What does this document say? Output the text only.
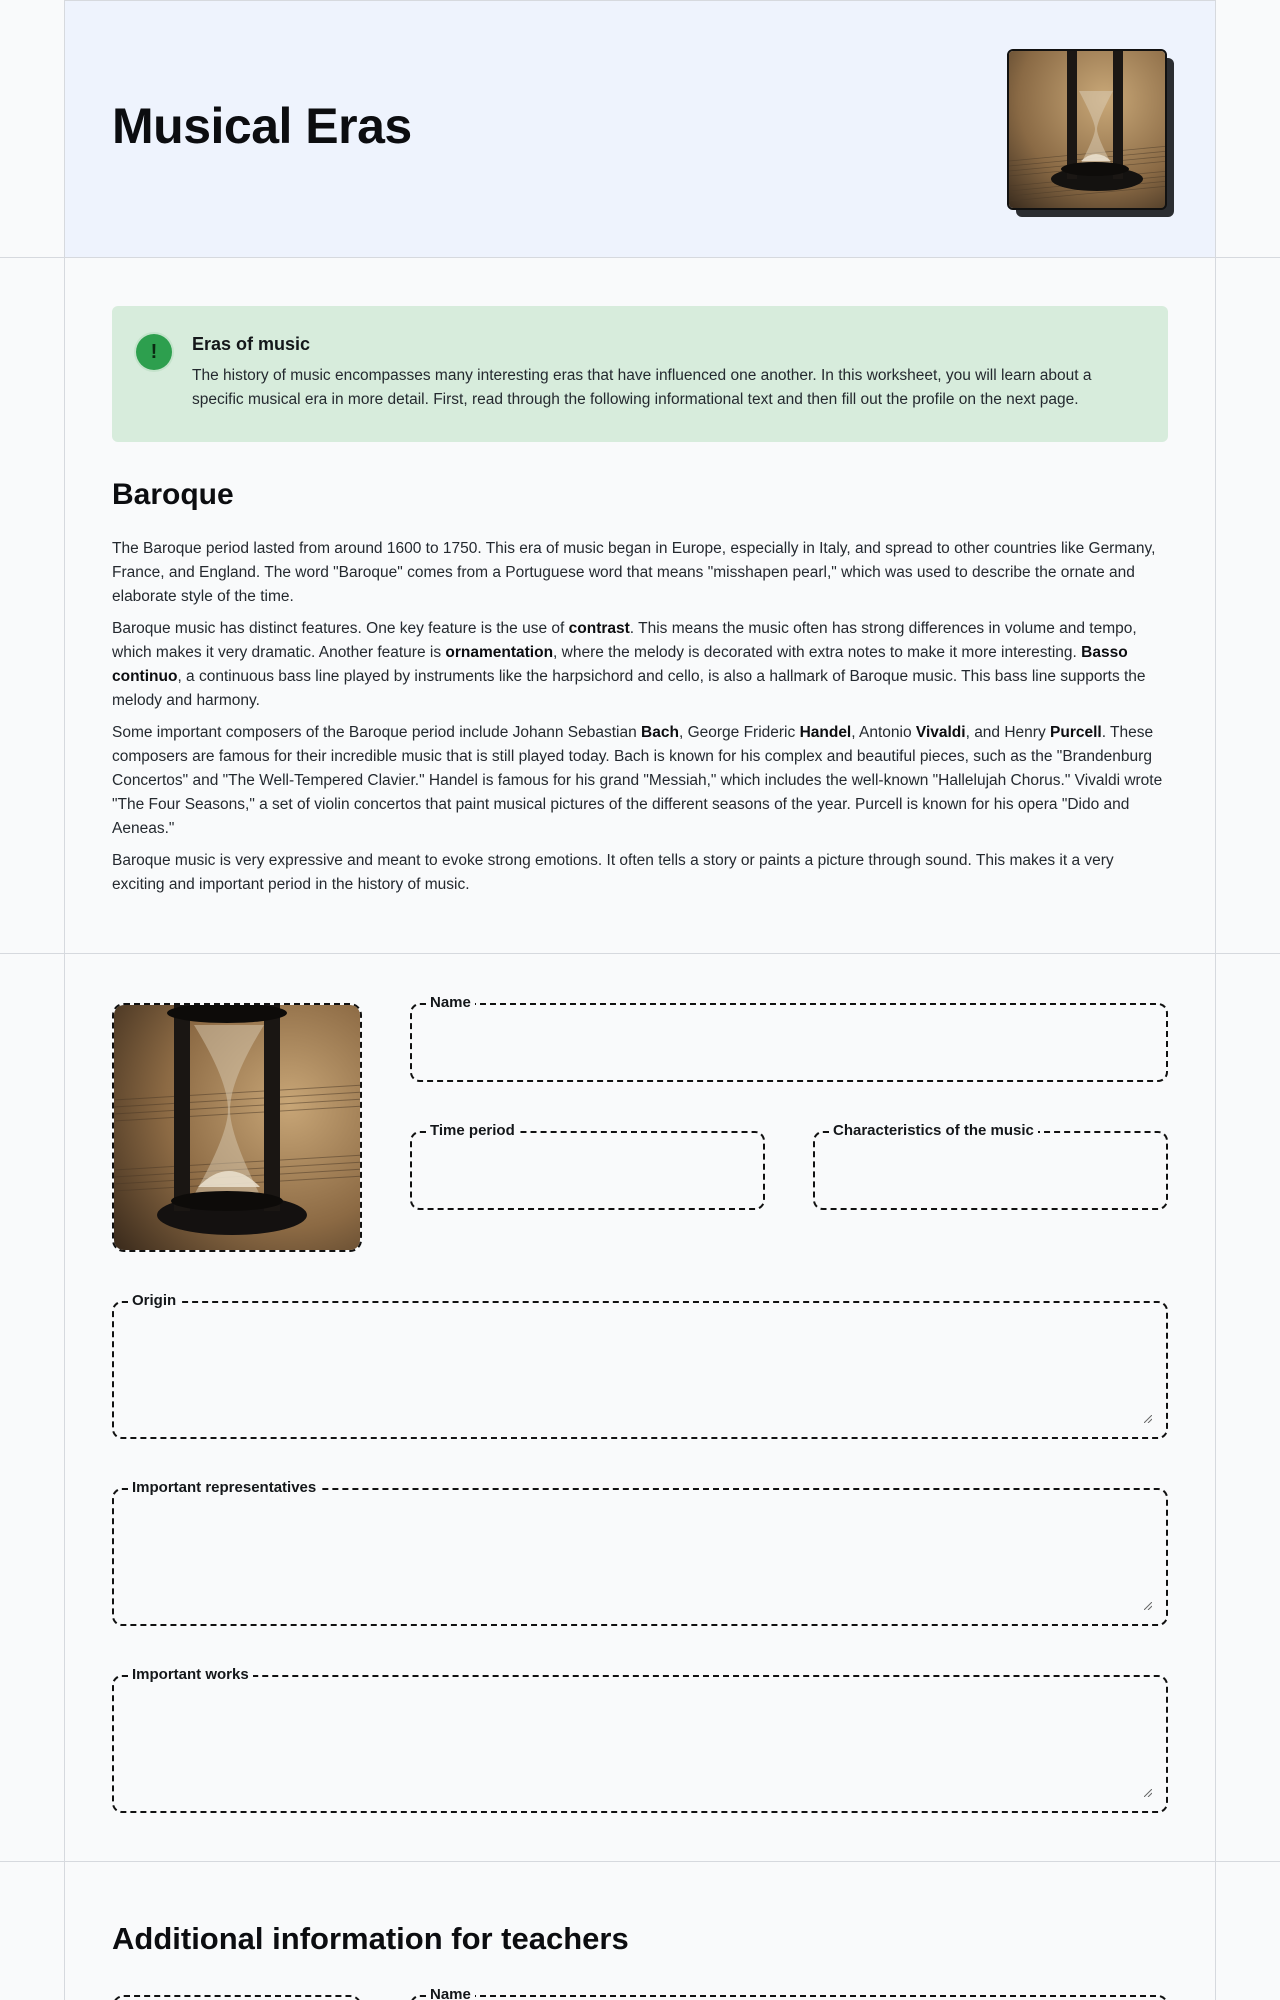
Musical Eras
!	Eras of music
The history of music encompasses many interesting eras that have influenced one another. In this worksheet, you will learn about a specific musical era in more detail. First, read through the following informational text and then fill out the profile on the next page.
Baroque

The Baroque period lasted from around 1600 to 1750. This era of music began in Europe, especially in Italy, and spread to other countries like Germany, France, and England. The word "Baroque" comes from a Portuguese word that means "misshapen pearl," which was used to describe the ornate and elaborate style of the time.

Baroque music has distinct features. One key feature is the use of contrast. This means the music often has strong differences in volume and tempo, which makes it very dramatic. Another feature is ornamentation, where the melody is decorated with extra notes to make it more interesting. Basso continuo, a continuous bass line played by instruments like the harpsichord and cello, is also a hallmark of Baroque music. This bass line supports the melody and harmony.

Some important composers of the Baroque period include Johann Sebastian Bach, George Frideric Handel, Antonio Vivaldi, and Henry Purcell. These composers are famous for their incredible music that is still played today. Bach is known for his complex and beautiful pieces, such as the "Brandenburg Concertos" and "The Well-Tempered Clavier." Handel is famous for his grand "Messiah," which includes the well-known "Hallelujah Chorus." Vivaldi wrote "The Four Seasons," a set of violin concertos that paint musical pictures of the different seasons of the year. Purcell is known for his opera "Dido and Aeneas."

Baroque music is very expressive and meant to evoke strong emotions. It often tells a story or paints a picture through sound. This makes it a very exciting and important period in the history of music.

Name
Time period	Characteristics of the music
Origin
Important representatives
Important works
Additional information for teachers
Name
